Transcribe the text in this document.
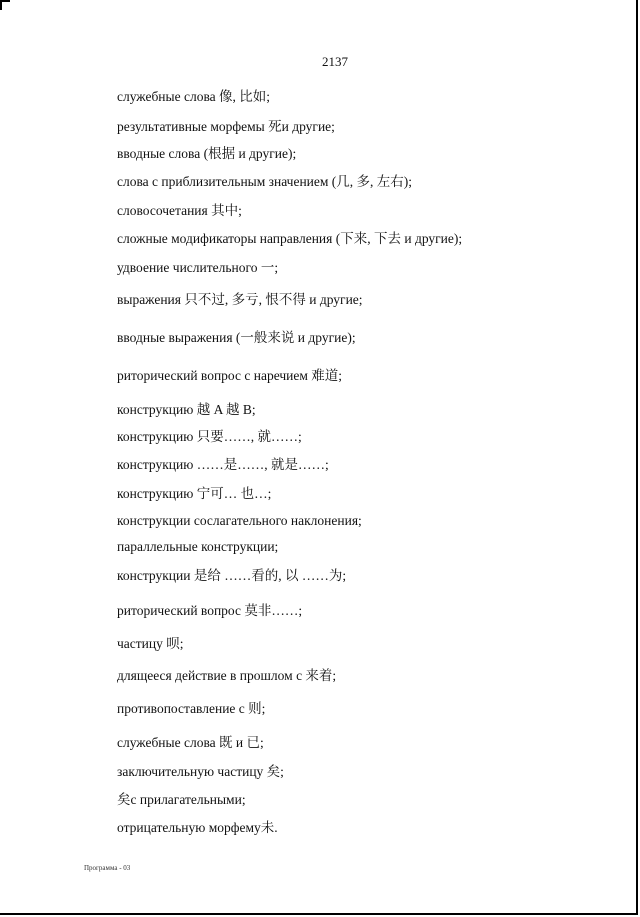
2137
служебные слова 像, 比如;
результативные морфемы 死и другие;
вводные слова (根据 и другие);
слова с приблизительным значением (几, 多, 左右);
словосочетания 其中;
сложные модификаторы направления (下来, 下去 и другие);
удвоение числительного 一;
выражения 只不过, 多亏, 恨不得 и другие;
вводные выражения (一般来说 и другие);
риторический вопрос с наречием 难道;
конструкцию 越 A 越 B;
конструкцию 只要……, 就……;
конструкцию ……是……, 就是……;
конструкцию 宁可… 也…;
конструкции сослагательного наклонения;
параллельные конструкции;
конструкции 是给 ……看的, 以 ……为;
риторический вопрос 莫非……;
частицу 呗;
длящееся действие в прошлом с 来着;
противопоставление с 则;
служебные слова 既 и 已;
заключительную частицу 矣;
矣с прилагательными;
отрицательную морфему未.
Программа - 03
